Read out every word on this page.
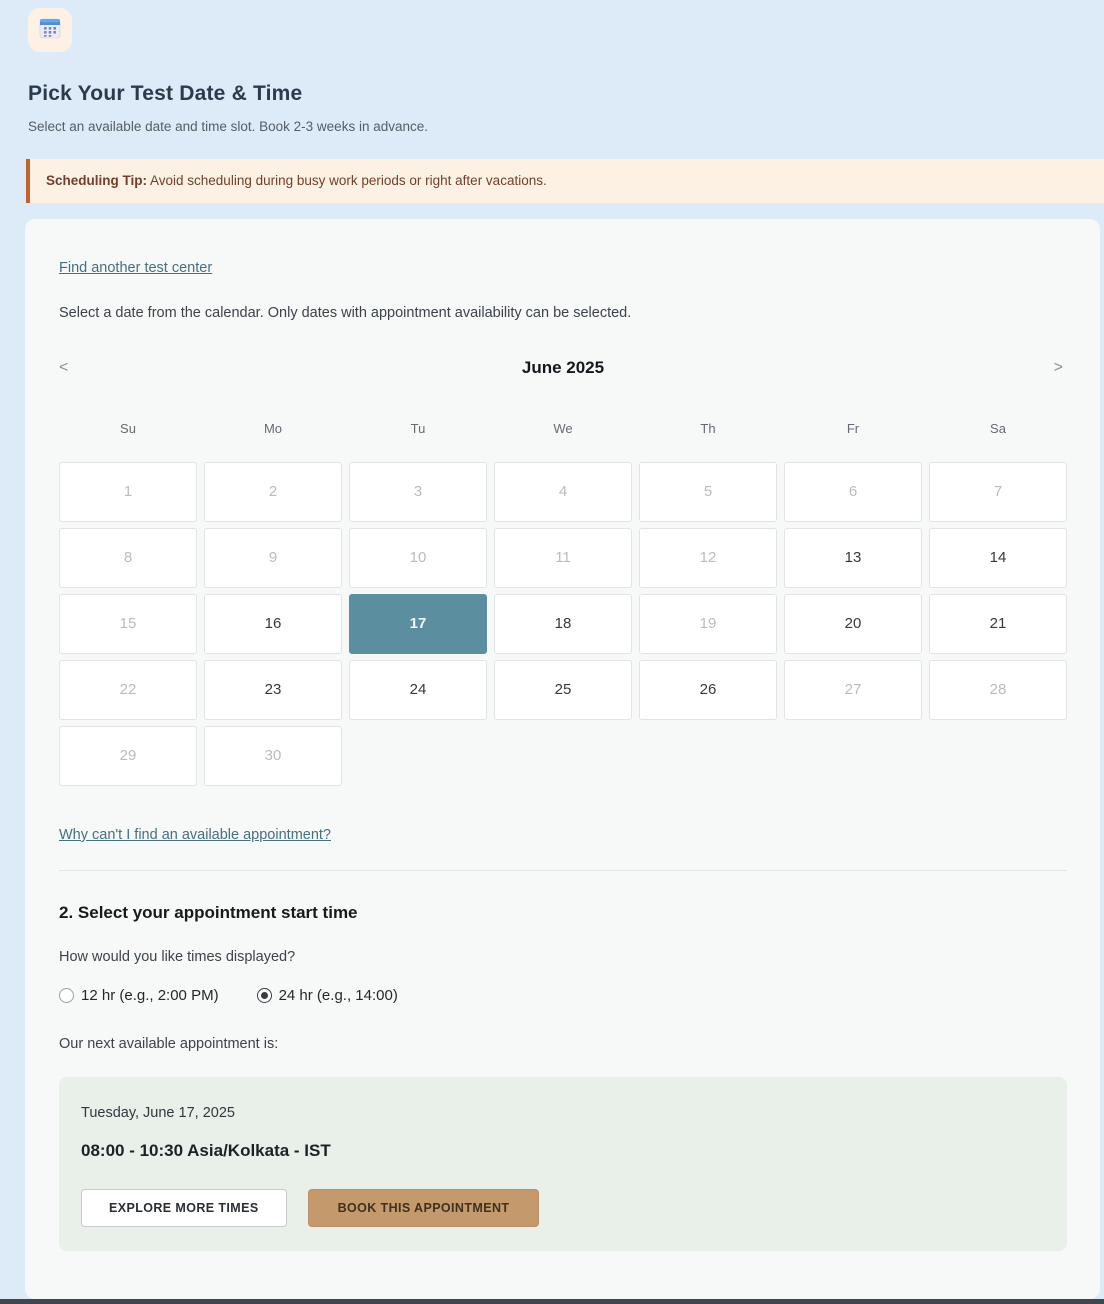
Pick Your Test Date & Time
Select an available date and time slot. Book 2-3 weeks in advance.
Scheduling Tip: Avoid scheduling during busy work periods or right after vacations.
Find another test center
Select a date from the calendar. Only dates with appointment availability can be selected.
<	June 2025	>
Su	Mo	Tu	We	Th	Fr	Sa
1	2	3	4	5	6	7
8	9	10	11	12	13	14
15	16	17	18	19	20	21
22	23	24	25	26	27	28
29	30
Why can't I find an available appointment?
2. Select your appointment start time
How would you like times displayed?
12 hr (e.g., 2:00 PM)	24 hr (e.g., 14:00)
Our next available appointment is:
Tuesday, June 17, 2025
08:00 - 10:30 Asia/Kolkata - IST
EXPLORE MORE TIMES	BOOK THIS APPOINTMENT
